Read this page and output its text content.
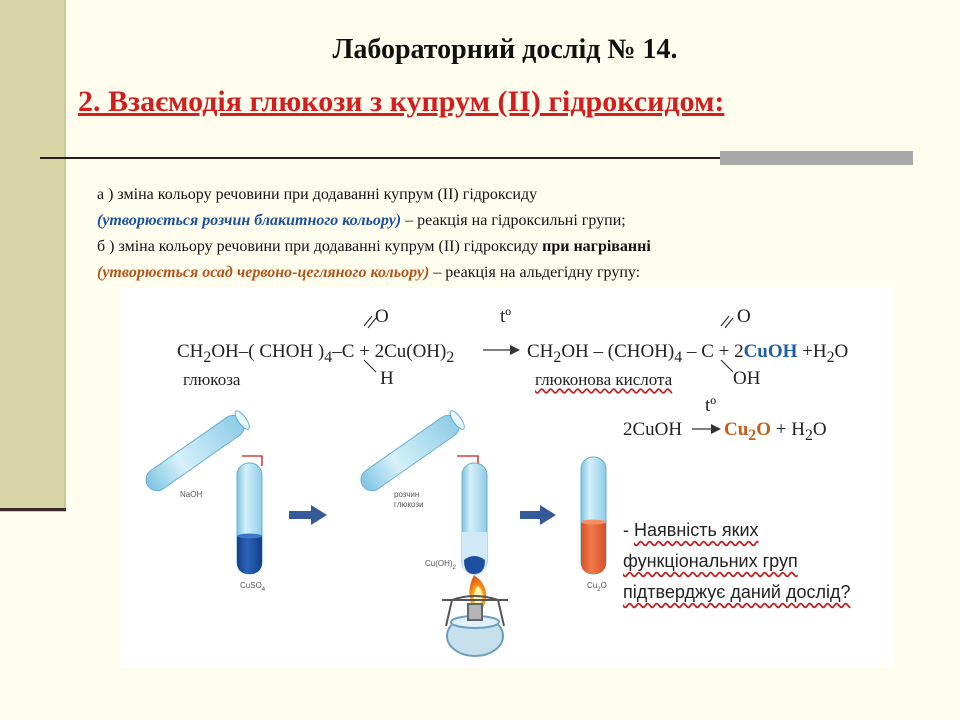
Лабораторний дослід № 14.
2. Взаємодія глюкози з купрум (ІІ) гідроксидом:
а ) зміна кольору речовини при додаванні купрум (ІІ) гідроксиду
(утворюється розчин блакитного кольору) – реакція на гідроксильні групи;
б ) зміна кольору речовини при додаванні купрум (ІІ) гідроксиду при нагріванні
(утворюється осад червоно-цегляного кольору) – реакція на альдегідну групу:
O	tº	O
$CH_2OH-$( CHOH )$_4-C + 2Cu(OH)_2$	$CH_2OH$ – $(CHOH)_4$ – C + 2CuOH $+H_2O$
H	OH
глюкоза	глюконова кислота
tº
2CuOH $Cu_2O + H_2O$
- Наявність яких
функціональних груп
підтверджує даний дослід?
NaOH
CuSO$_4$
розчин
глюкози
$Cu(OH)_2$
$Cu_2O$
